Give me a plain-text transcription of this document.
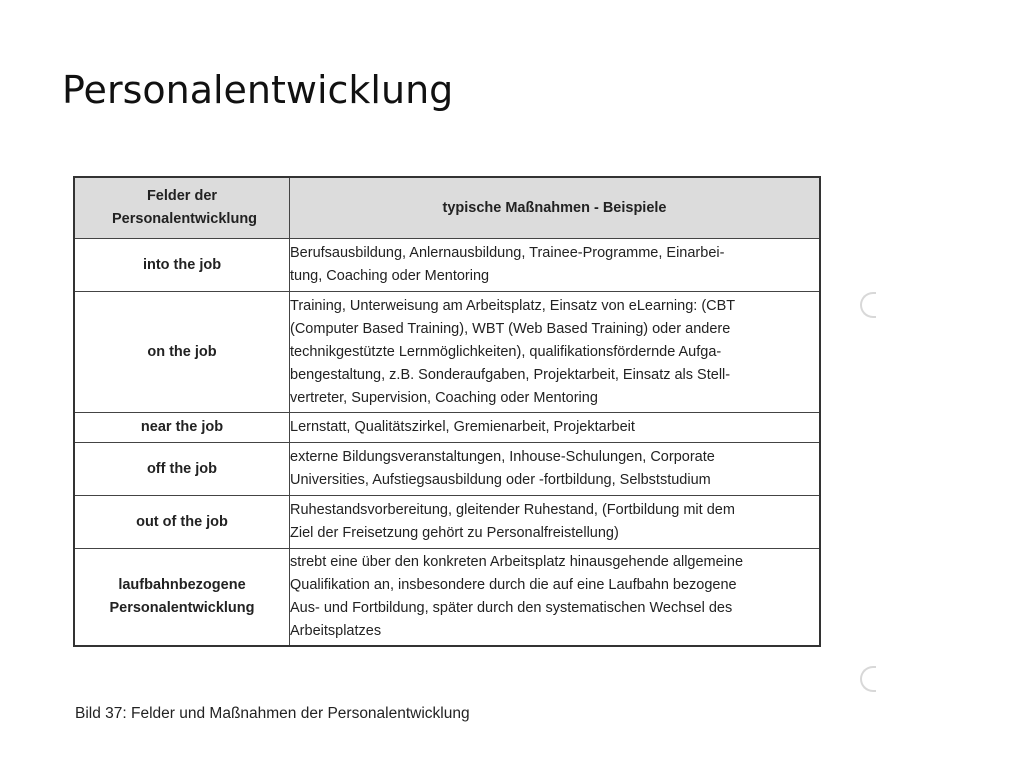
Personalentwicklung
Felder der Personalentwicklung	typische Maßnahmen - Beispiele
into the job	Berufsausbildung, Anlernausbildung, Trainee-Programme, Einarbei-
tung, Coaching oder Mentoring

on the job	Training, Unterweisung am Arbeitsplatz, Einsatz von eLearning: (CBT
(Computer Based Training), WBT (Web Based Training) oder andere
technikgestützte Lernmöglichkeiten), qualifikationsfördernde Aufga-
bengestaltung, z.B. Sonderaufgaben, Projektarbeit, Einsatz als Stell-
vertreter, Supervision, Coaching oder Mentoring

near the job	Lernstatt, Qualitätszirkel, Gremienarbeit, Projektarbeit

off the job	externe Bildungsveranstaltungen, Inhouse-Schulungen, Corporate
Universities, Aufstiegsausbildung oder -fortbildung, Selbststudium

out of the job	Ruhestandsvorbereitung, gleitender Ruhestand, (Fortbildung mit dem
Ziel der Freisetzung gehört zu Personalfreistellung)

laufbahnbezogene Personalentwicklung	strebt eine über den konkreten Arbeitsplatz hinausgehende allgemeine
Qualifikation an, insbesondere durch die auf eine Laufbahn bezogene
Aus- und Fortbildung, später durch den systematischen Wechsel des
Arbeitsplatzes

Bild 37: Felder und Maßnahmen der Personalentwicklung
